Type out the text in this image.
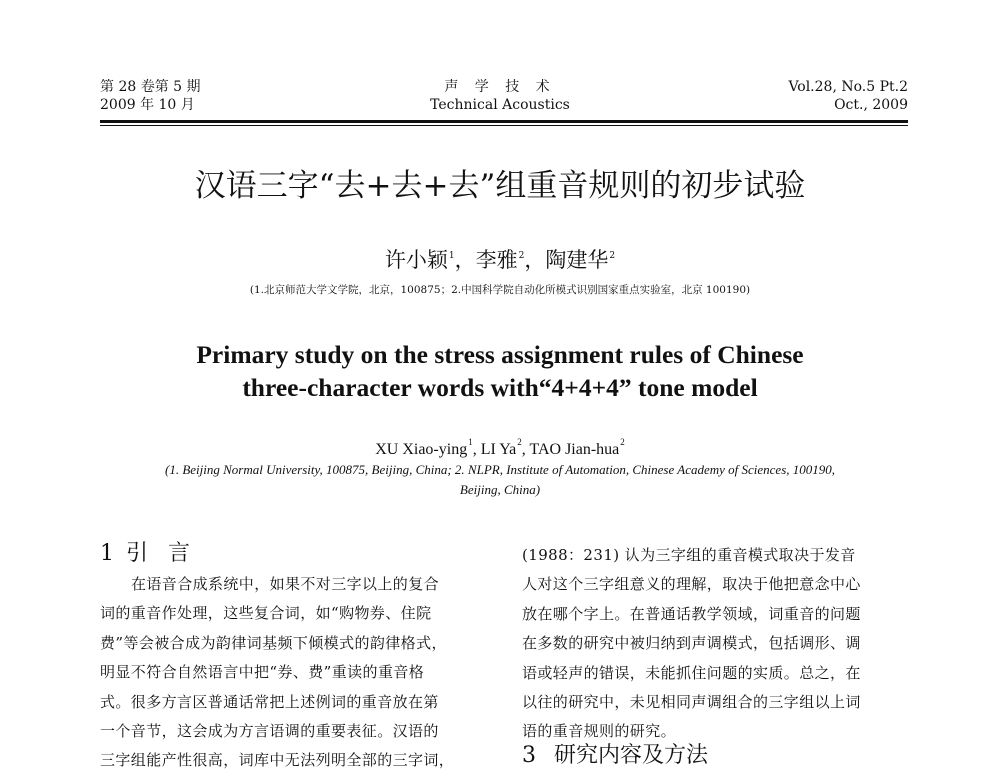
第 28 卷第 5 期
2009 年 10 月
声 学 技 术
Technical Acoustics
Vol.28, No.5 Pt.2
Oct., 2009
汉语三字“去+去+去”组重音规则的初步试验
许小颖$^1$，李雅$^2$，陶建华$^2$
(1.北京师范大学文学院，北京，100875；2.中国科学院自动化所模式识别国家重点实验室，北京 100190)
Primary study on the stress assignment rules of Chinese
three-character words with“4+4+4” tone model
XU Xiao-ying$^1$, LI Ya$^2$, TAO Jian-hua$^2$
(1. Beijing Normal University, 100875, Beijing, China; 2. NLPR, Institute of Automation, Chinese Academy of Sciences, 100190,
Beijing, China)
1 引言

在语音合成系统中，如果不对三字以上的复合

词的重音作处理，这些复合词，如“购物券、住院

费”等会被合成为韵律词基频下倾模式的韵律格式，

明显不符合自然语言中把“券、费”重读的重音格

式。很多方言区普通话常把上述例词的重音放在第

一个音节，这会成为方言语调的重要表征。汉语的

三字组能产性很高，词库中无法列明全部的三字词，

(1988：231) 认为三字组的重音模式取决于发音

人对这个三字组意义的理解，取决于他把意念中心

放在哪个字上。在普通话教学领域，词重音的问题

在多数的研究中被归纳到声调模式，包括调形、调

语或轻声的错误，未能抓住问题的实质。总之，在

以往的研究中，未见相同声调组合的三字组以上词

语的重音规则的研究。

3 研究内容及方法
